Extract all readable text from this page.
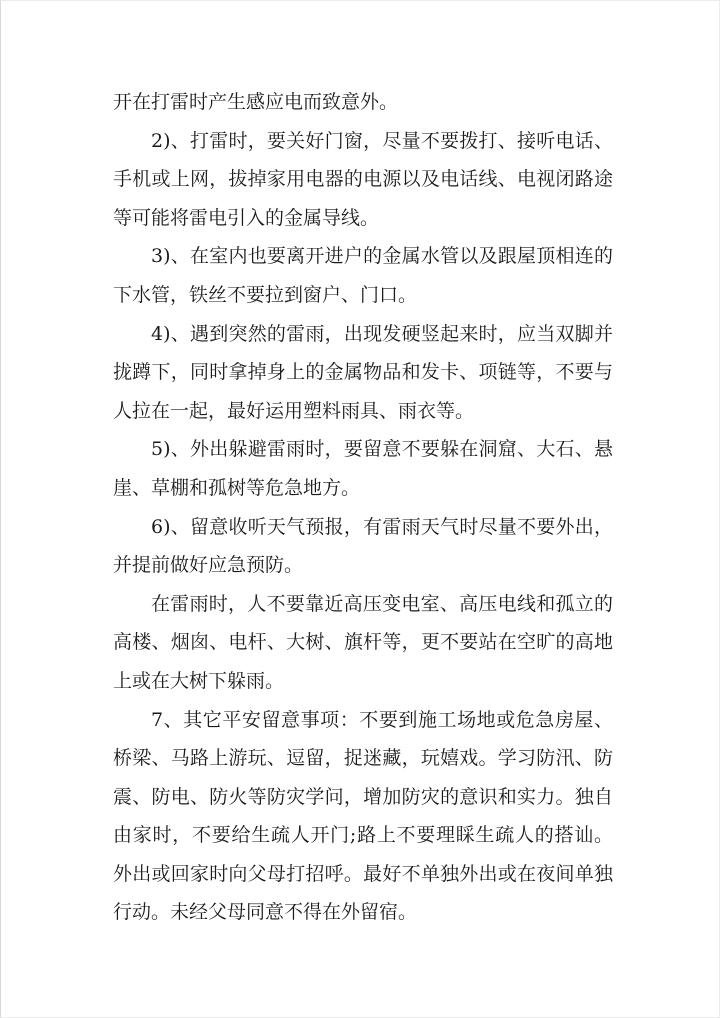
开在打雷时产生感应电而致意外。

2)、打雷时，要关好门窗，尽量不要拨打、接听电话、手机或上网，拔掉家用电器的电源以及电话线、电视闭路途等可能将雷电引入的金属导线。

3)、在室内也要离开进户的金属水管以及跟屋顶相连的下水管，铁丝不要拉到窗户、门口。

4)、遇到突然的雷雨，出现发硬竖起来时，应当双脚并拢蹲下，同时拿掉身上的金属物品和发卡、项链等，不要与人拉在一起，最好运用塑料雨具、雨衣等。

5)、外出躲避雷雨时，要留意不要躲在洞窟、大石、悬崖、草棚和孤树等危急地方。

6)、留意收听天气预报，有雷雨天气时尽量不要外出，并提前做好应急预防。

在雷雨时，人不要靠近高压变电室、高压电线和孤立的高楼、烟囱、电杆、大树、旗杆等，更不要站在空旷的高地上或在大树下躲雨。

7、其它平安留意事项：不要到施工场地或危急房屋、桥梁、马路上游玩、逗留，捉迷藏，玩嬉戏。学习防汛、防震、防电、防火等防灾学问，增加防灾的意识和实力。独自由家时，不要给生疏人开门;路上不要理睬生疏人的搭讪。外出或回家时向父母打招呼。最好不单独外出或在夜间单独行动。未经父母同意不得在外留宿。
